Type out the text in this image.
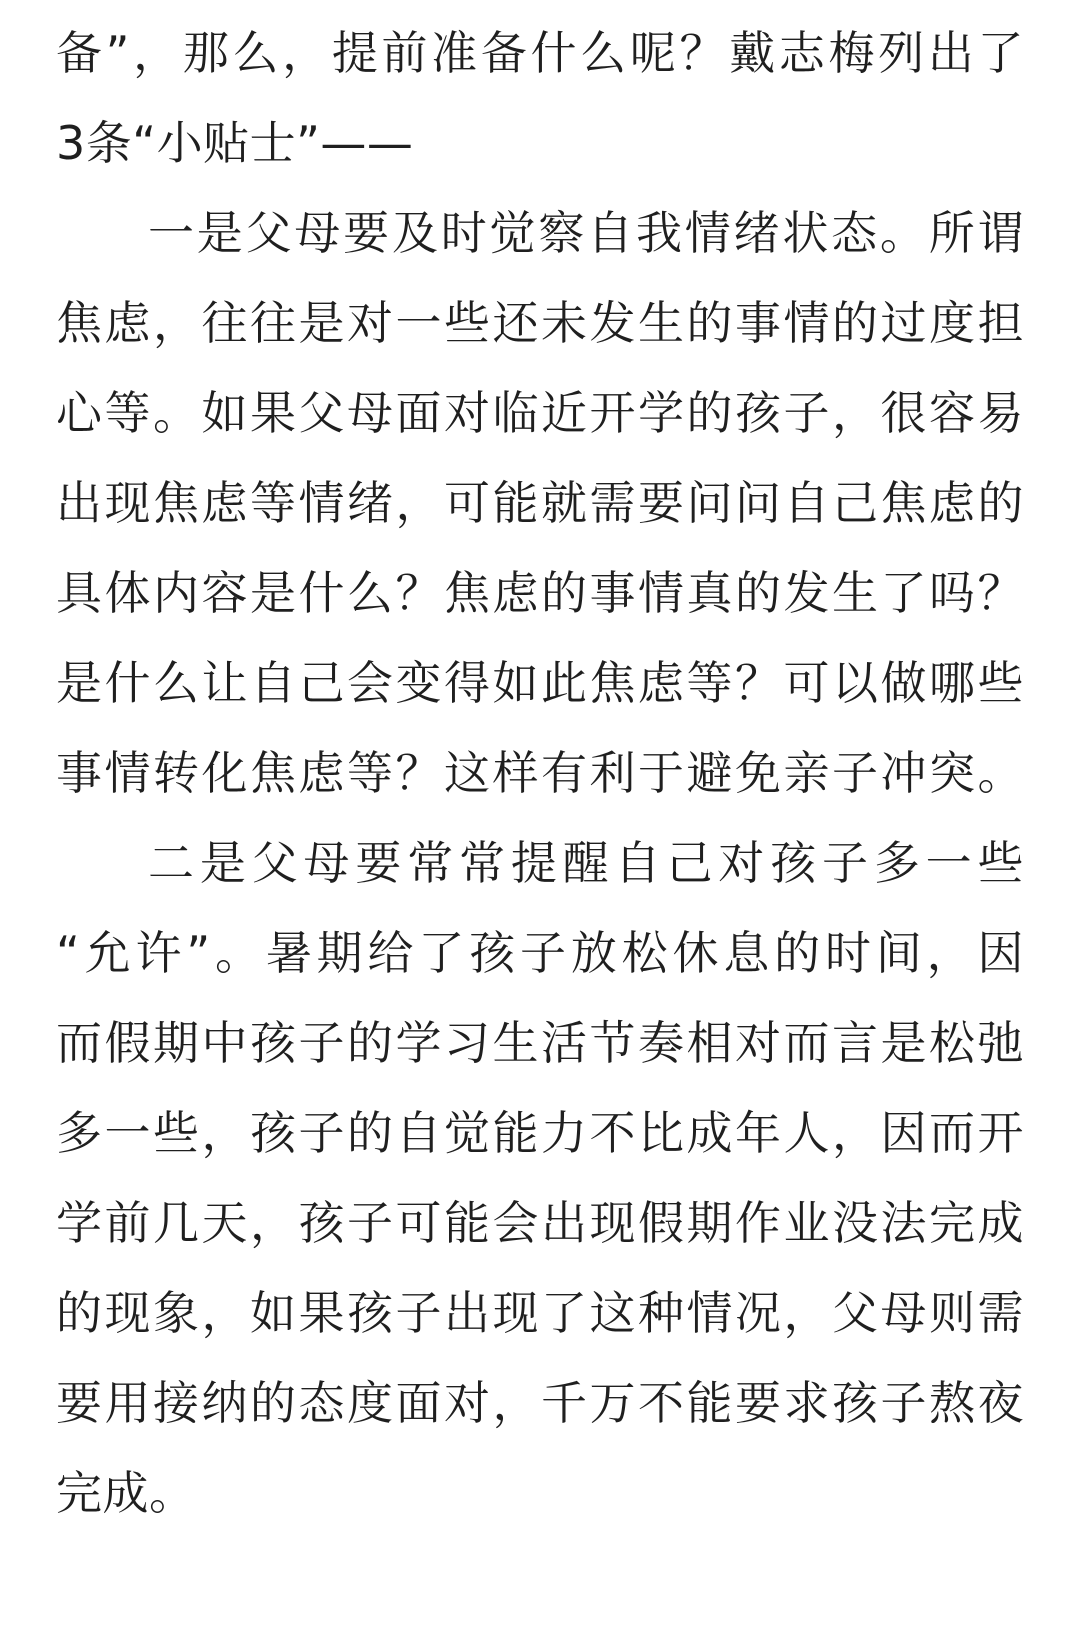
备”，那么，提前准备什么呢？戴志梅列出了
3条“小贴士”——
一是父母要及时觉察自我情绪状态。所谓
焦虑，往往是对一些还未发生的事情的过度担
心等。如果父母面对临近开学的孩子，很容易
出现焦虑等情绪，可能就需要问问自己焦虑的
具体内容是什么？焦虑的事情真的发生了吗？
是什么让自己会变得如此焦虑等？可以做哪些
事情转化焦虑等？这样有利于避免亲子冲突。
二是父母要常常提醒自己对孩子多一些
“允许”。暑期给了孩子放松休息的时间，因
而假期中孩子的学习生活节奏相对而言是松弛
多一些，孩子的自觉能力不比成年人，因而开
学前几天，孩子可能会出现假期作业没法完成
的现象，如果孩子出现了这种情况，父母则需
要用接纳的态度面对，千万不能要求孩子熬夜
完成。
